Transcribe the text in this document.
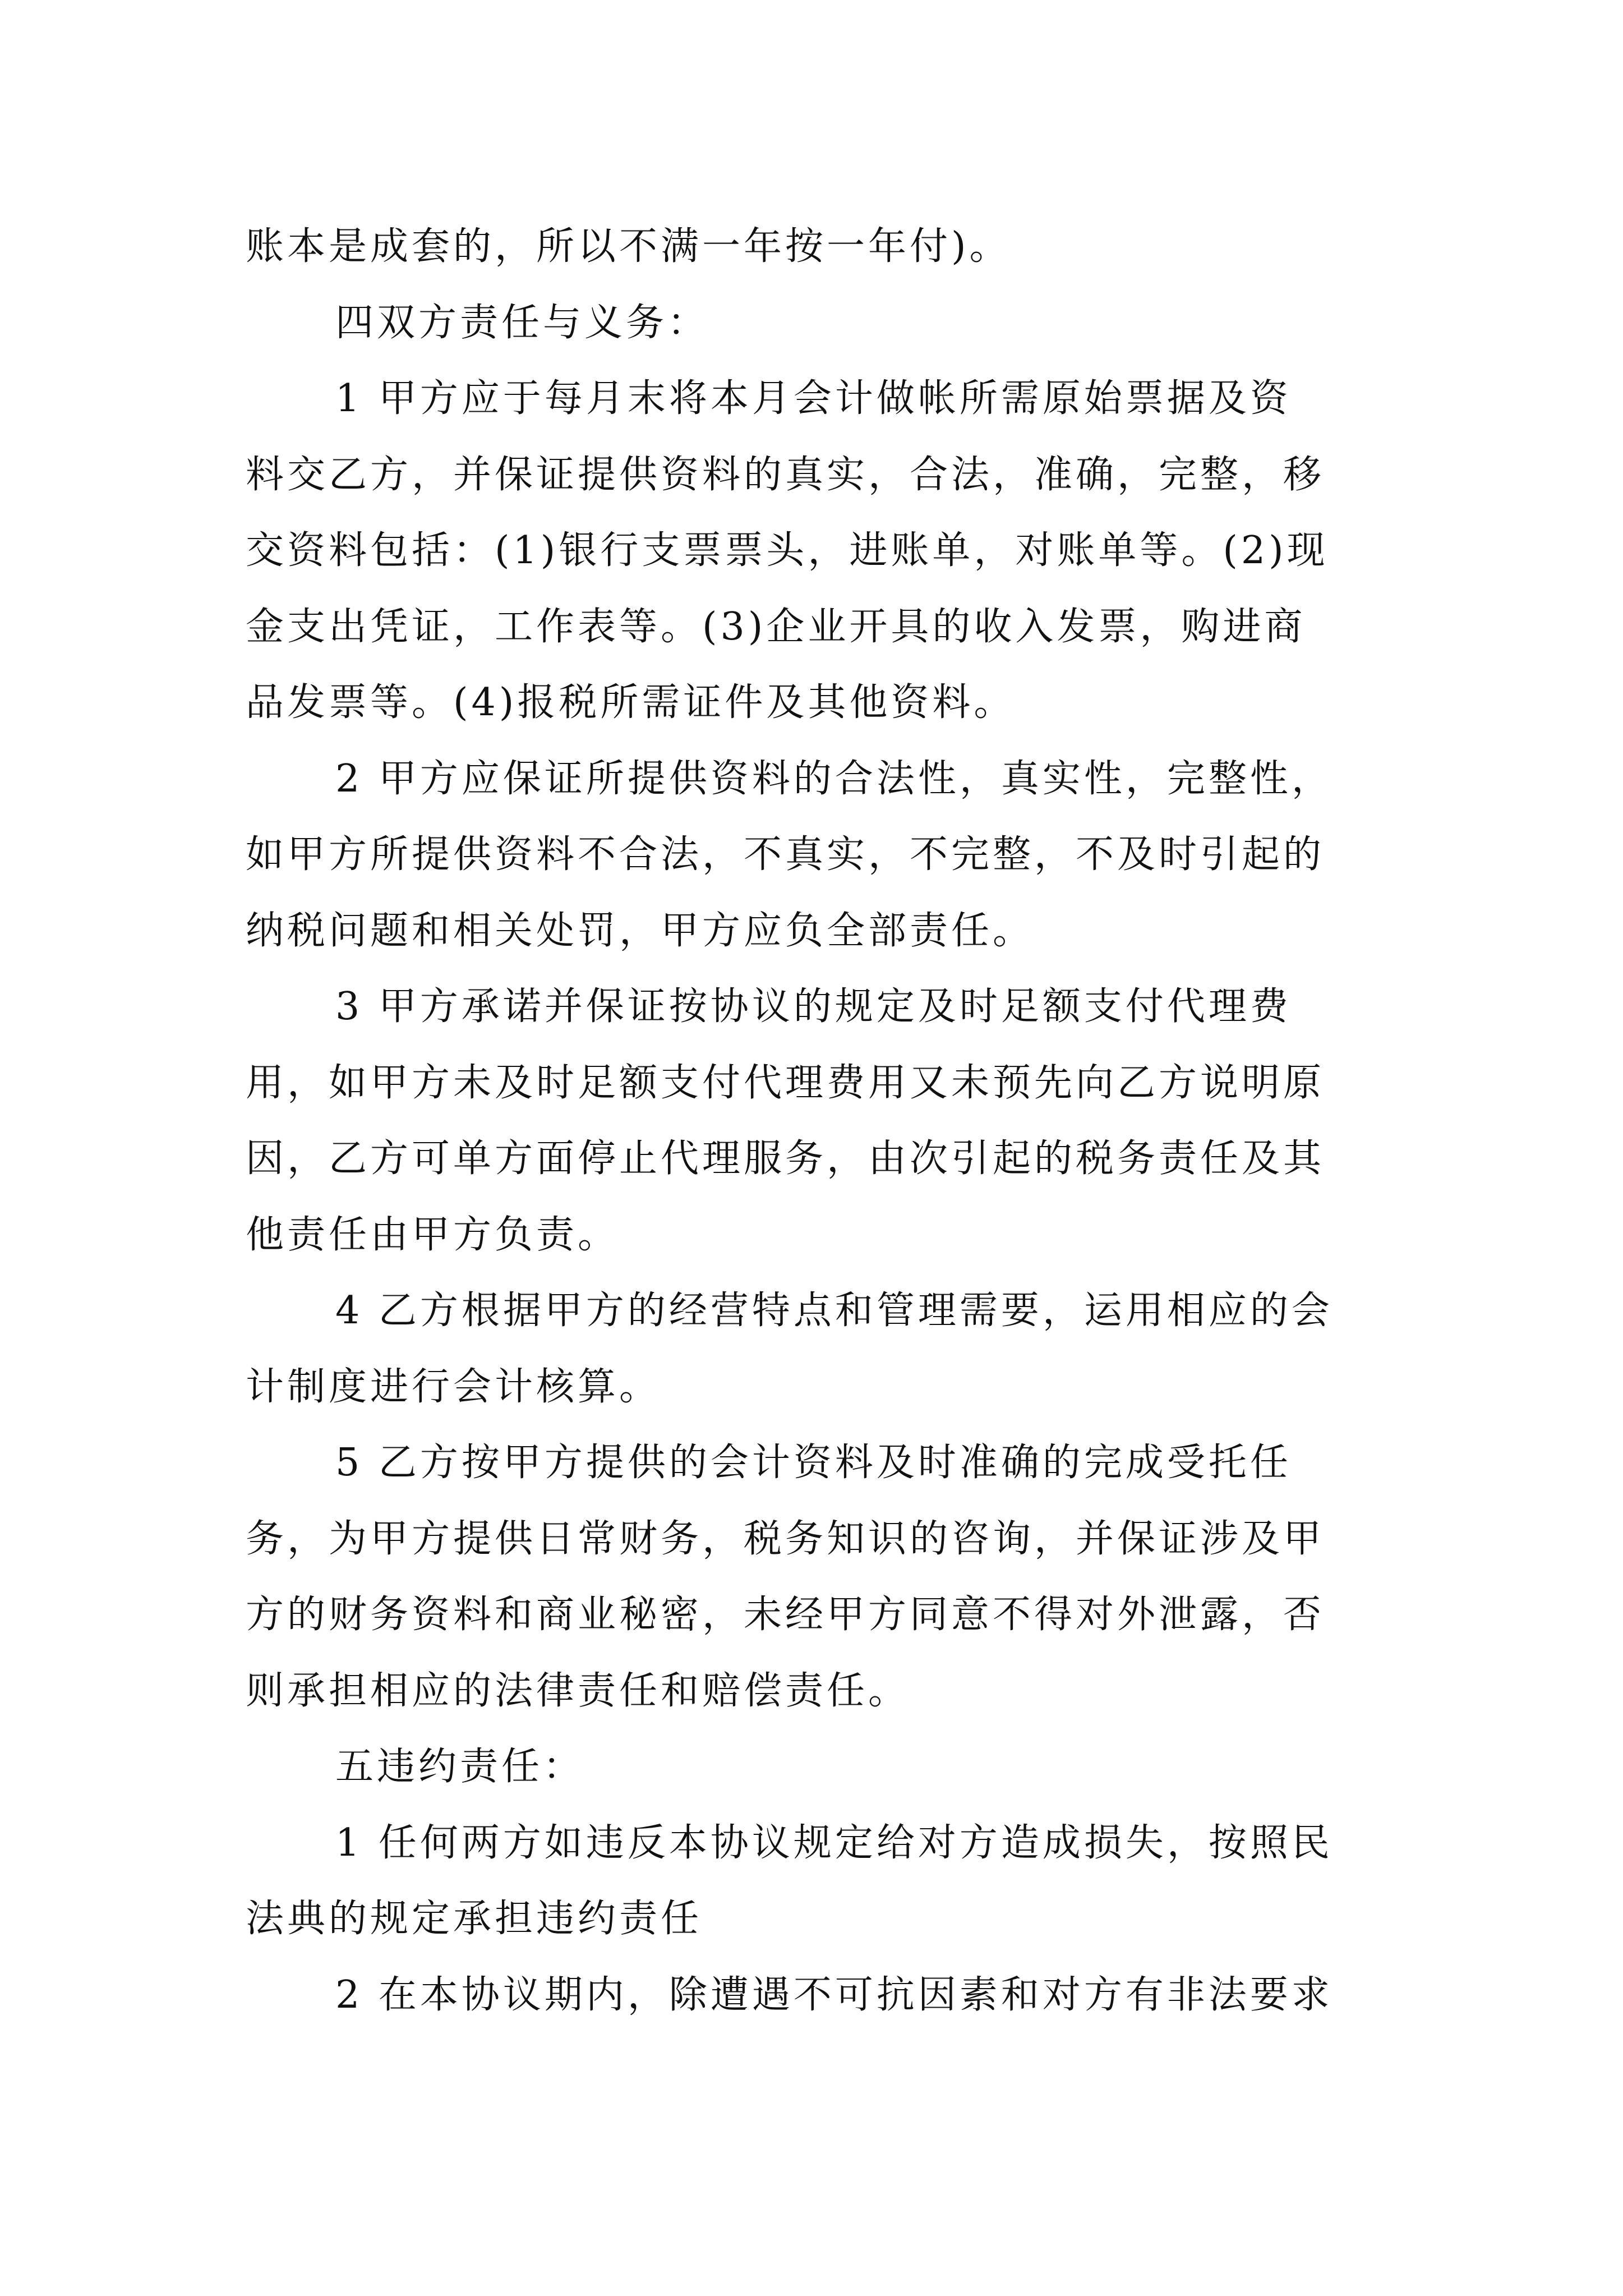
账本是成套的，所以不满一年按一年付)。

四双方责任与义务：

1 甲方应于每月末将本月会计做帐所需原始票据及资
料交乙方，并保证提供资料的真实，合法，准确，完整，移
交资料包括：(1)银行支票票头，进账单，对账单等。(2)现
金支出凭证，工作表等。(3)企业开具的收入发票，购进商
品发票等。(4)报税所需证件及其他资料。

2 甲方应保证所提供资料的合法性，真实性，完整性，
如甲方所提供资料不合法，不真实，不完整，不及时引起的
纳税问题和相关处罚，甲方应负全部责任。

3 甲方承诺并保证按协议的规定及时足额支付代理费
用，如甲方未及时足额支付代理费用又未预先向乙方说明原
因，乙方可单方面停止代理服务，由次引起的税务责任及其
他责任由甲方负责。

4 乙方根据甲方的经营特点和管理需要，运用相应的会
计制度进行会计核算。

5 乙方按甲方提供的会计资料及时准确的完成受托任
务，为甲方提供日常财务，税务知识的咨询，并保证涉及甲
方的财务资料和商业秘密，未经甲方同意不得对外泄露，否
则承担相应的法律责任和赔偿责任。

五违约责任：

1 任何两方如违反本协议规定给对方造成损失，按照民
法典的规定承担违约责任

2 在本协议期内，除遭遇不可抗因素和对方有非法要求
